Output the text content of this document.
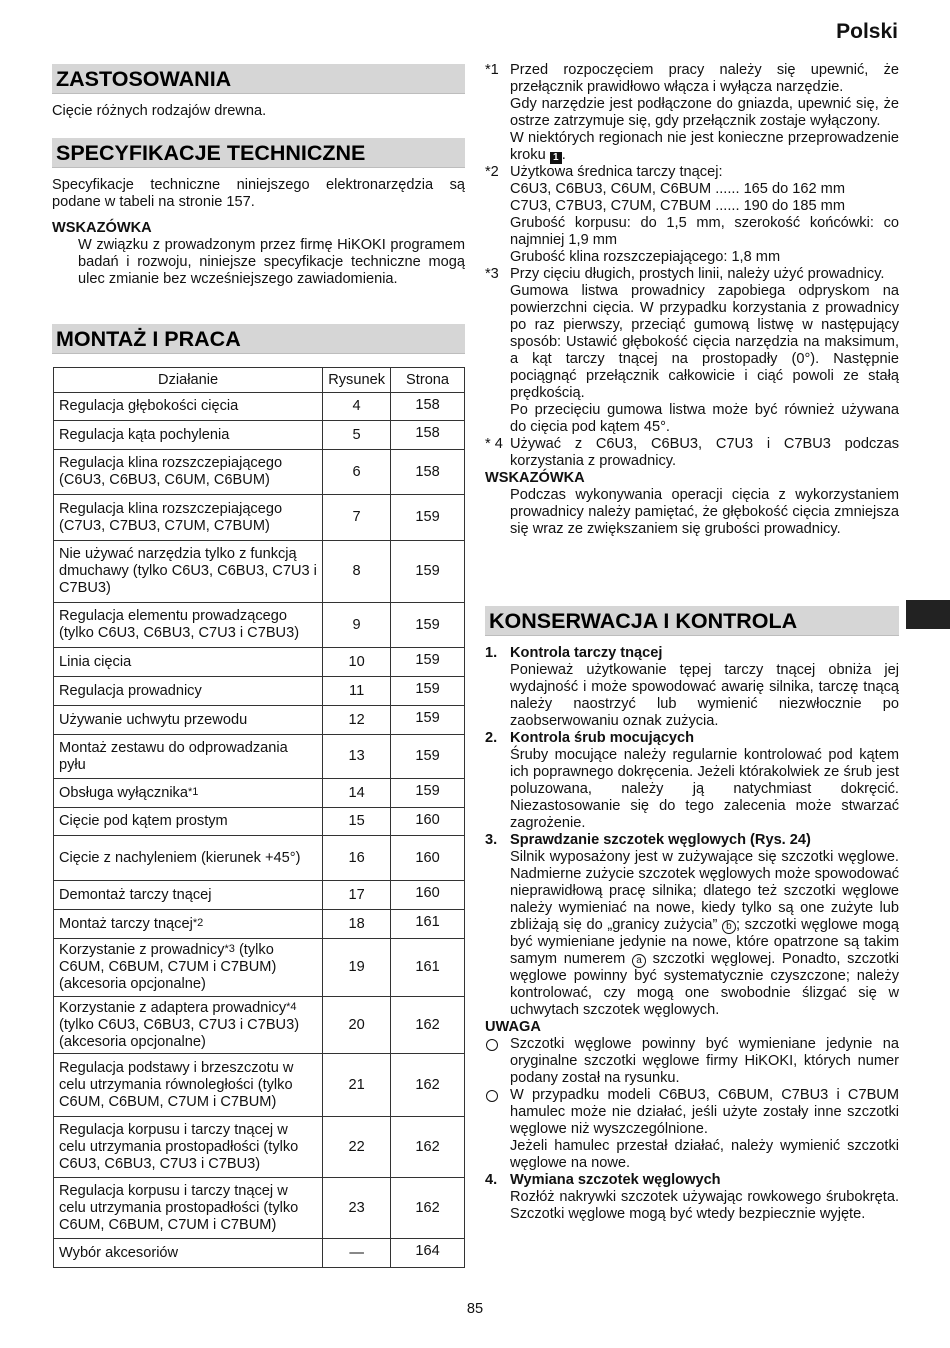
Polski
ZASTOSOWANIA
Cięcie różnych rodzajów drewna.
SPECYFIKACJE TECHNICZNE
Specyfikacje techniczne niniejszego elektronarzędzia są podane w tabeli na stronie 157.
WSKAZÓWKA
W związku z prowadzonym przez firmę HiKOKI programem badań i rozwoju, niniejsze specyfikacje techniczne mogą ulec zmianie bez wcześniejszego zawiadomienia.
MONTAŻ I PRACA
Działanie	Rysunek	Strona
Regulacja głębokości cięcia	4	158
Regulacja kąta pochylenia	5	158
Regulacja klina rozszczepiającego (C6U3, C6BU3, C6UM, C6BUM)	6	158
Regulacja klina rozszczepiającego (C7U3, C7BU3, C7UM, C7BUM)	7	159
Nie używać narzędzia tylko z funkcją dmuchawy (tylko C6U3, C6BU3, C7U3 i C7BU3)	8	159
Regulacja elementu prowadzącego (tylko C6U3, C6BU3, C7U3 i C7BU3)	9	159
Linia cięcia	10	159
Regulacja prowadnicy	11	159
Używanie uchwytu przewodu	12	159
Montaż zestawu do odprowadzania pyłu	13	159
Obsługa wyłącznika$^{*1}$	14	159
Cięcie pod kątem prostym	15	160
Cięcie z nachyleniem (kierunek +45°)	16	160
Demontaż tarczy tnącej	17	160
Montaż tarczy tnącej$^{*2}$	18	161
Korzystanie z prowadnicy$^{*3}$ (tylko C6UM, C6BUM, C7UM i C7BUM) (akcesoria opcjonalne)	19	161
Korzystanie z adaptera prowadnicy$^{*4}$ (tylko C6U3, C6BU3, C7U3 i C7BU3) (akcesoria opcjonalne)	20	162
Regulacja podstawy i brzeszczotu w celu utrzymania równoległości (tylko C6UM, C6BUM, C7UM i C7BUM)	21	162
Regulacja korpusu i tarczy tnącej w celu utrzymania prostopadłości (tylko C6U3, C6BU3, C7U3 i C7BU3)	22	162
Regulacja korpusu i tarczy tnącej w celu utrzymania prostopadłości (tylko C6UM, C6BUM, C7UM i C7BUM)	23	162
Wybór akcesoriów	—	164
*1 Przed rozpoczęciem pracy należy się upewnić, że przełącznik prawidłowo włącza i wyłącza narzędzie.
Gdy narzędzie jest podłączone do gniazda, upewnić się, że ostrze zatrzymuje się, gdy przełącznik zostaje wyłączony.
W niektórych regionach nie jest konieczne przeprowadzenie kroku 1 .
*2 Użytkowa średnica tarczy tnącej:
C6U3, C6BU3, C6UM, C6BUM ...... 165 do 162 mm
C7U3, C7BU3, C7UM, C7BUM ...... 190 do 185 mm
Grubość korpusu: do 1,5 mm, szerokość końcówki: co najmniej 1,9 mm
Grubość klina rozszczepiającego: 1,8 mm
*3 Przy cięciu długich, prostych linii, należy użyć prowadnicy.
Gumowa listwa prowadnicy zapobiega odpryskom na powierzchni cięcia. W przypadku korzystania z prowadnicy po raz pierwszy, przeciąć gumową listwę w następujący sposób: Ustawić głębokość cięcia narzędzia na maksimum, a kąt tarczy tnącej na prostopadły (0°). Następnie pociągnąć przełącznik całkowicie i ciąć powoli ze stałą prędkością.
Po przecięciu gumowa listwa może być również używana do cięcia pod kątem 45°.
* 4 Używać z C6U3, C6BU3, C7U3 i C7BU3 podczas korzystania z prowadnicy.
WSKAZÓWKA
Podczas wykonywania operacji cięcia z wykorzystaniem prowadnicy należy pamiętać, że głębokość cięcia zmniejsza się wraz ze zwiększaniem się grubości prowadnicy.
KONSERWACJA I KONTROLA
1. Kontrola tarczy tnącej
Ponieważ użytkowanie tępej tarczy tnącej obniża jej wydajność i może spowodować awarię silnika, tarczę tnącą należy naostrzyć lub wymienić niezwłocznie po zaobserwowaniu oznak zużycia.
2. Kontrola śrub mocujących
Śruby mocujące należy regularnie kontrolować pod kątem ich poprawnego dokręcenia. Jeżeli którakolwiek ze śrub jest poluzowana, należy ją natychmiast dokręcić. Niezastosowanie się do tego zalecenia może stwarzać zagrożenie.
3. Sprawdzanie szczotek węglowych (Rys. 24)
Silnik wyposażony jest w zużywające się szczotki węglowe. Nadmierne zużycie szczotek węglowych może spowodować nieprawidłową pracę silnika; dlatego też szczotki węglowe należy wymieniać na nowe, kiedy tylko są one zużyte lub zbliżają się do „granicy zużycia” b ; szczotki węglowe mogą być wymieniane jedynie na nowe, które opatrzone są takim samym numerem a szczotki węglowej. Ponadto, szczotki węglowe powinny być systematycznie czyszczone; należy kontrolować, czy mogą one swobodnie ślizgać się w uchwytach szczotek węglowych.
UWAGA
Szczotki węglowe powinny być wymieniane jedynie na oryginalne szczotki węglowe firmy HiKOKI, których numer podany został na rysunku.
W przypadku modeli C6BU3, C6BUM, C7BU3 i C7BUM hamulec może nie działać, jeśli użyte zostały inne szczotki węglowe niż wyszczególnione.
Jeżeli hamulec przestał działać, należy wymienić szczotki węglowe na nowe.
4. Wymiana szczotek węglowych
Rozłóż nakrywki szczotek używając rowkowego śrubokręta. Szczotki węglowe mogą być wtedy bezpiecznie wyjęte.
85
